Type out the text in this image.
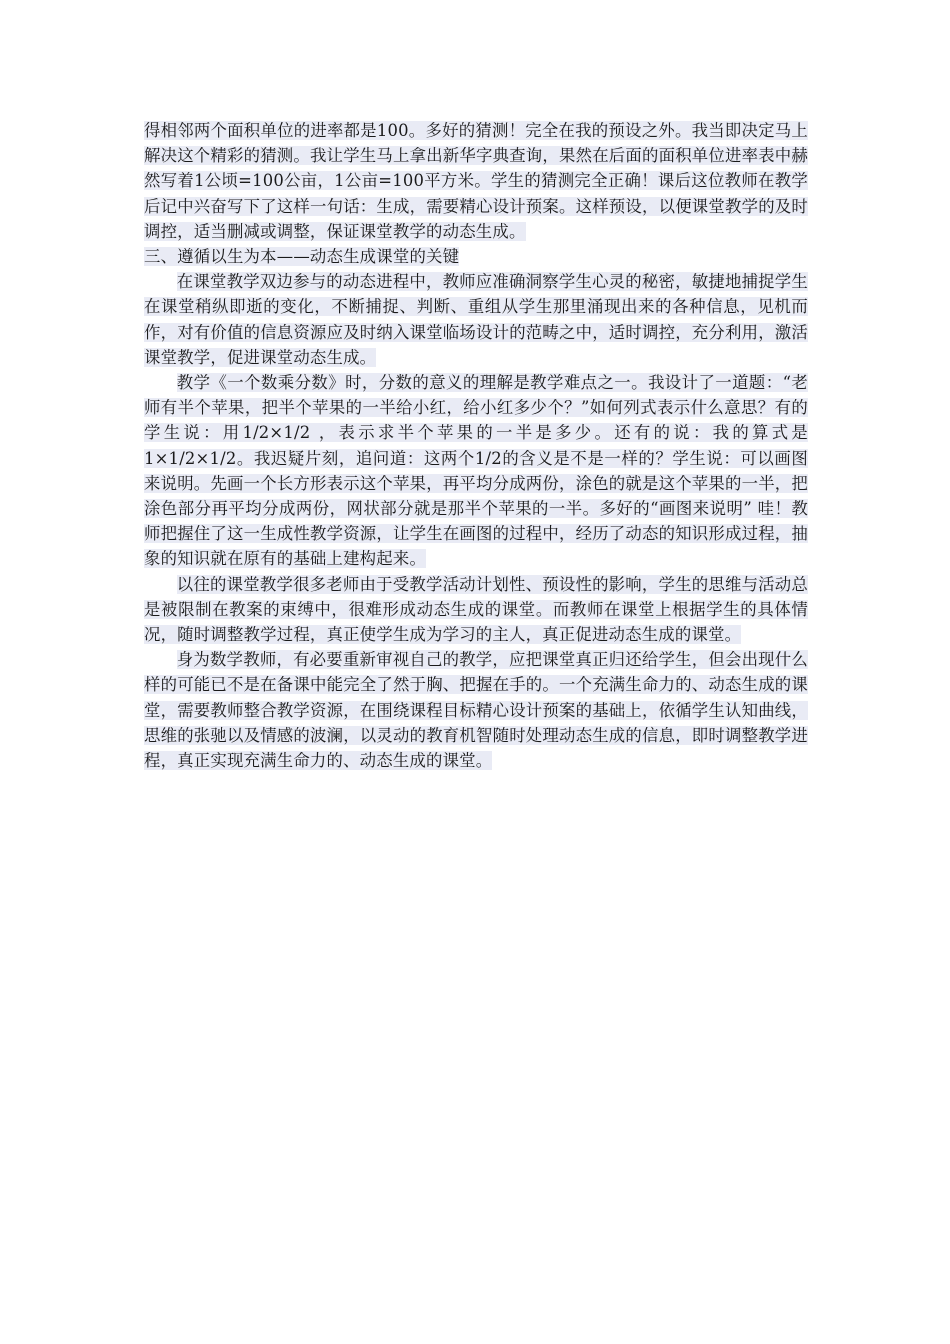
得相邻两个面积单位的进率都是100。多好的猜测！完全在我的预设之外。我当即决定马上解决这个精彩的猜测。我让学生马上拿出新华字典查询，果然在后面的面积单位进率表中赫然写着1公顷=100公亩，1公亩=100平方米。学生的猜测完全正确！课后这位教师在教学后记中兴奋写下了这样一句话：生成，需要精心设计预案。这样预设，以便课堂教学的及时调控，适当删减或调整，保证课堂教学的动态生成。

三、遵循以生为本——动态生成课堂的关键

在课堂教学双边参与的动态进程中，教师应准确洞察学生心灵的秘密，敏捷地捕捉学生在课堂稍纵即逝的变化，不断捕捉、判断、重组从学生那里涌现出来的各种信息，见机而作，对有价值的信息资源应及时纳入课堂临场设计的范畴之中，适时调控，充分利用，激活课堂教学，促进课堂动态生成。

教学《一个数乘分数》时，分数的意义的理解是教学难点之一。我设计了一道题：“老师有半个苹果，把半个苹果的一半给小红，给小红多少个？”如何列式表示什么意思？有的学生说：用1/2×1/2 ，表示求半个苹果的一半是多少。还有的说：我的算式是1×1/2×1/2。我迟疑片刻，追问道：这两个1/2的含义是不是一样的？学生说：可以画图来说明。先画一个长方形表示这个苹果，再平均分成两份，涂色的就是这个苹果的一半，把涂色部分再平均分成两份，网状部分就是那半个苹果的一半。多好的“画图来说明” 哇！教师把握住了这一生成性教学资源，让学生在画图的过程中，经历了动态的知识形成过程，抽象的知识就在原有的基础上建构起来。

以往的课堂教学很多老师由于受教学活动计划性、预设性的影响，学生的思维与活动总是被限制在教案的束缚中，很难形成动态生成的课堂。而教师在课堂上根据学生的具体情况，随时调整教学过程，真正使学生成为学习的主人，真正促进动态生成的课堂。

身为数学教师，有必要重新审视自己的教学，应把课堂真正归还给学生，但会出现什么样的可能已不是在备课中能完全了然于胸、把握在手的。一个充满生命力的、动态生成的课堂，需要教师整合教学资源，在围绕课程目标精心设计预案的基础上，依循学生认知曲线，思维的张驰以及情感的波澜，以灵动的教育机智随时处理动态生成的信息，即时调整教学进程，真正实现充满生命力的、动态生成的课堂。
